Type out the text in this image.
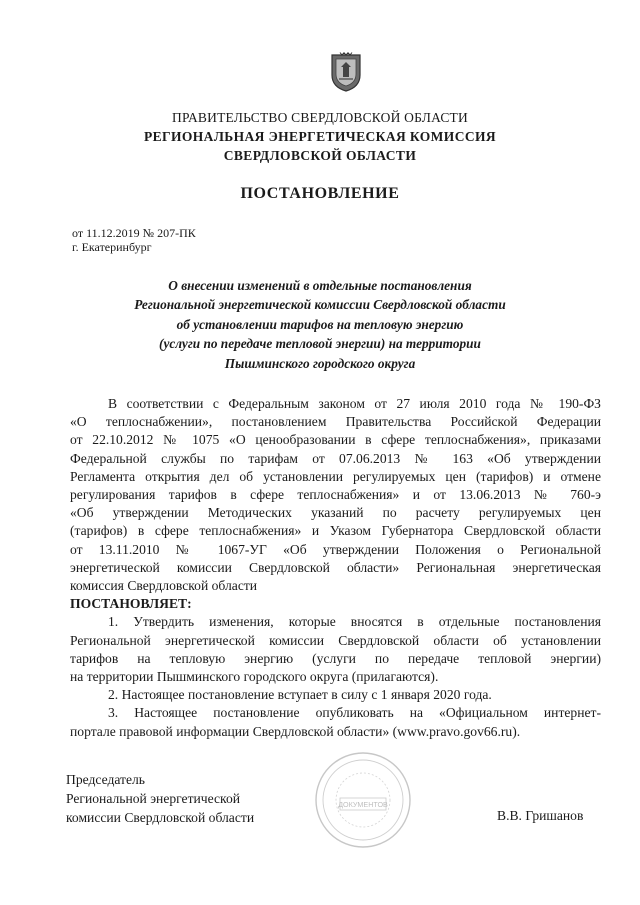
ПРАВИТЕЛЬСТВО СВЕРДЛОВСКОЙ ОБЛАСТИ
РЕГИОНАЛЬНАЯ ЭНЕРГЕТИЧЕСКАЯ КОМИССИЯ
СВЕРДЛОВСКОЙ ОБЛАСТИ
ПОСТАНОВЛЕНИЕ
от 11.12.2019 № 207-ПК
г. Екатеринбург
О внесении изменений в отдельные постановления
Региональной энергетической комиссии Свердловской области
об установлении тарифов на тепловую энергию
(услуги по передаче тепловой энергии) на территории
Пышминского городского округа
В соответствии с Федеральным законом от 27 июля 2010 года № 190-ФЗ
«О теплоснабжении», постановлением Правительства Российской Федерации
от 22.10.2012 № 1075 «О ценообразовании в сфере теплоснабжения», приказами
Федеральной службы по тарифам от 07.06.2013 № 163 «Об утверждении
Регламента открытия дел об установлении регулируемых цен (тарифов) и отмене
регулирования тарифов в сфере теплоснабжения» и от 13.06.2013 № 760-э
«Об утверждении Методических указаний по расчету регулируемых цен
(тарифов) в сфере теплоснабжения» и Указом Губернатора Свердловской области
от 13.11.2010 № 1067-УГ «Об утверждении Положения о Региональной
энергетической комиссии Свердловской области» Региональная энергетическая
комиссия Свердловской области
ПОСТАНОВЛЯЕТ:
1. Утвердить изменения, которые вносятся в отдельные постановления
Региональной энергетической комиссии Свердловской области об установлении
тарифов на тепловую энергию (услуги по передаче тепловой энергии)
на территории Пышминского городского округа (прилагаются).
2. Настоящее постановление вступает в силу с 1 января 2020 года.
3. Настоящее постановление опубликовать на «Официальном интернет-
портале правовой информации Свердловской области» (www.pravo.gov66.ru).
Председатель
Региональной энергетической
комиссии Свердловской области
ДОКУМЕНТОВ
В.В. Гришанов
